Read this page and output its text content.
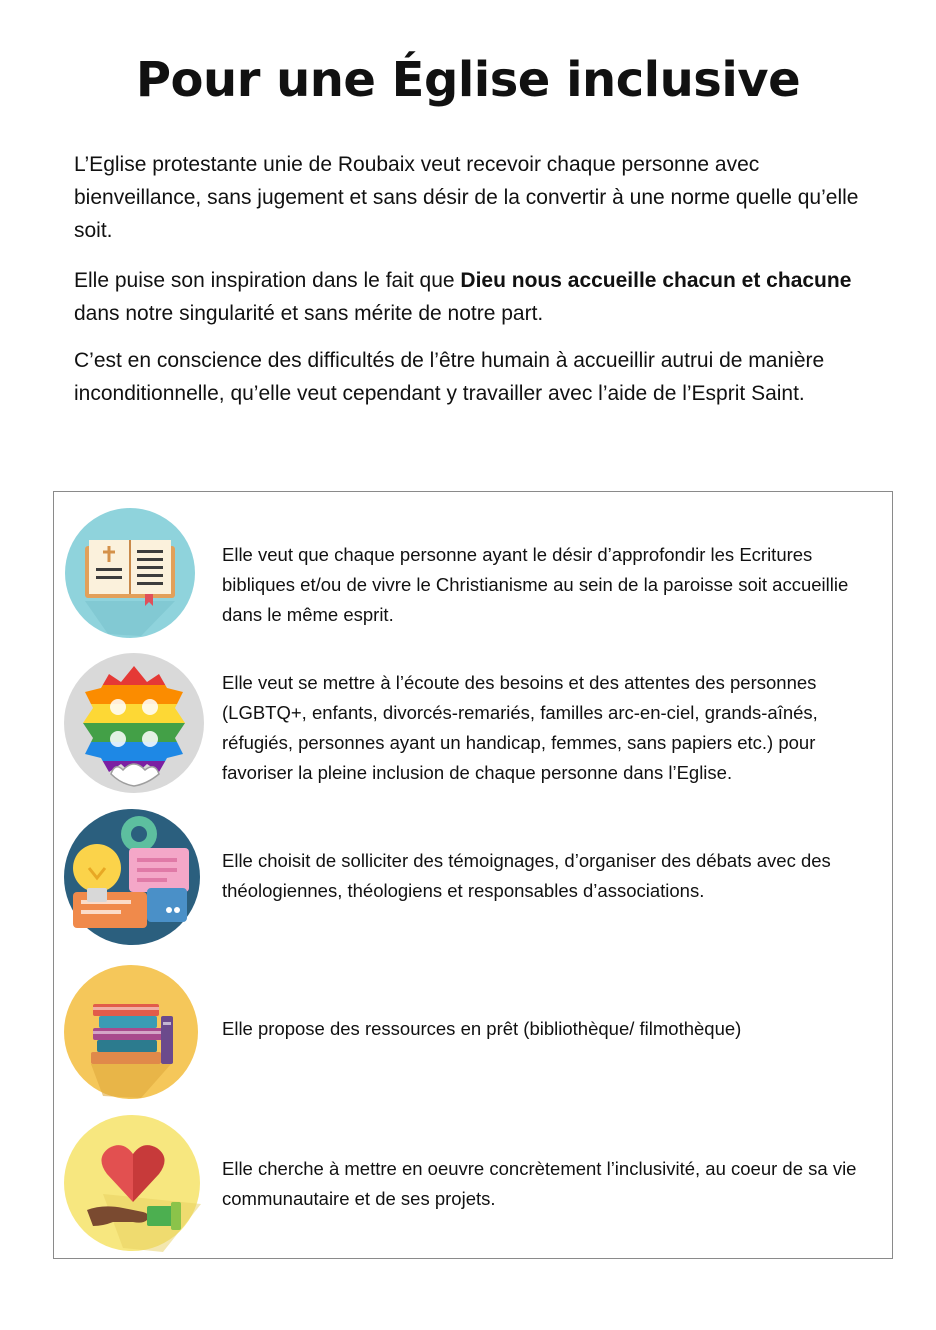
Pour une Église inclusive

L’Eglise protestante unie de Roubaix veut recevoir chaque personne avec bienveillance, sans jugement et sans désir de la convertir à une norme quelle qu’elle soit.

Elle puise son inspiration dans le fait que Dieu nous accueille chacun et chacune dans notre singularité et sans mérite de notre part.

C’est en conscience des difficultés de l’être humain à accueillir autrui de manière inconditionnelle, qu’elle veut cependant y travailler avec l’aide de l’Esprit Saint.

Elle veut que chaque personne ayant le désir d’approfondir les Ecritures bibliques et/ou de vivre le Christianisme au sein de la paroisse soit accueillie dans le même esprit.
Elle veut se mettre à l’écoute des besoins et des attentes des personnes (LGBTQ+, enfants, divorcés-remariés, familles arc-en-ciel, grands-aînés, réfugiés, personnes ayant un handicap, femmes, sans papiers etc.) pour favoriser la pleine inclusion de chaque personne dans l’Eglise.
Elle choisit de solliciter des témoignages, d’organiser des débats avec des théologiennes, théologiens et responsables d’associations.
Elle propose des ressources en prêt (bibliothèque/ filmothèque)
Elle cherche à mettre en oeuvre concrètement l’inclusivité, au coeur de sa vie communautaire et de ses projets.
